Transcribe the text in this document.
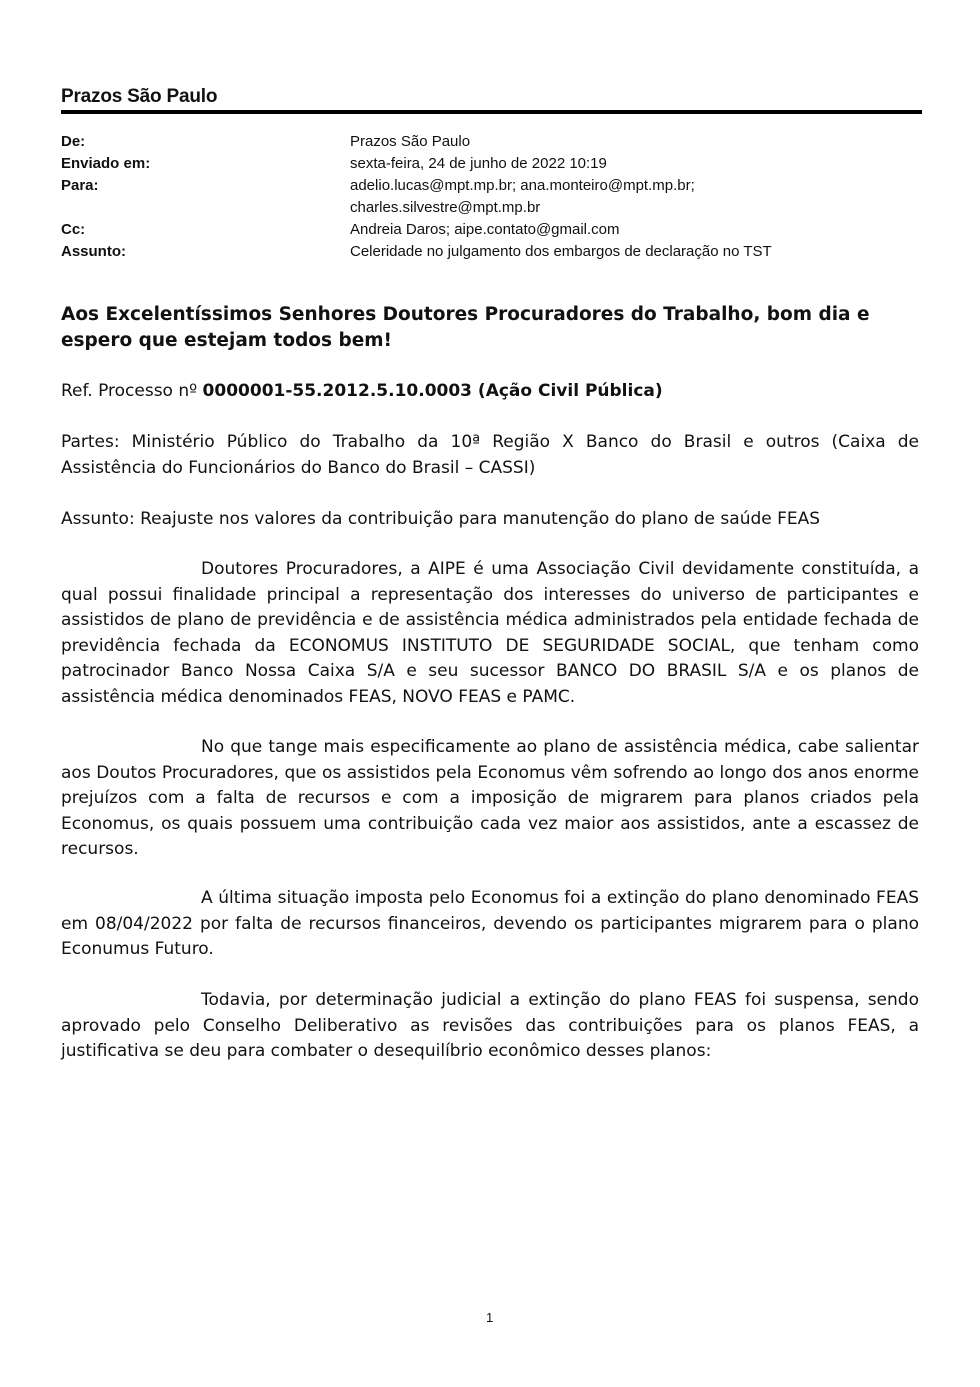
Prazos São Paulo
De:	Prazos São Paulo
Enviado em:	sexta-feira, 24 de junho de 2022 10:19
Para:	adelio.lucas@mpt.mp.br; ana.monteiro@mpt.mp.br;
charles.silvestre@mpt.mp.br
Cc:	Andreia Daros; aipe.contato@gmail.com
Assunto:	Celeridade no julgamento dos embargos de declaração no TST
Aos Excelentíssimos Senhores Doutores Procuradores do Trabalho, bom dia e espero que estejam todos bem!
Ref. Processo nº 0000001-55.2012.5.10.0003 (Ação Civil Pública)
Partes: Ministério Público do Trabalho da 10ª Região X Banco do Brasil e outros (Caixa de Assistência do Funcionários do Banco do Brasil – CASSI)
Assunto: Reajuste nos valores da contribuição para manutenção do plano de saúde FEAS
Doutores Procuradores, a AIPE é uma Associação Civil devidamente constituída, a qual possui finalidade principal a representação dos interesses do universo de participantes e assistidos de plano de previdência e de assistência médica administrados pela entidade fechada de previdência fechada da ECONOMUS INSTITUTO DE SEGURIDADE SOCIAL, que tenham como patrocinador Banco Nossa Caixa S/A e seu sucessor BANCO DO BRASIL S/A e os planos de assistência médica denominados FEAS, NOVO FEAS e PAMC.
No que tange mais especificamente ao plano de assistência médica, cabe salientar aos Doutos Procuradores, que os assistidos pela Economus vêm sofrendo ao longo dos anos enorme prejuízos com a falta de recursos e com a imposição de migrarem para planos criados pela Economus, os quais possuem uma contribuição cada vez maior aos assistidos, ante a escassez de recursos.
A última situação imposta pelo Economus foi a extinção do plano denominado FEAS em 08/04/2022 por falta de recursos financeiros, devendo os participantes migrarem para o plano Econumus Futuro.
Todavia, por determinação judicial a extinção do plano FEAS foi suspensa, sendo aprovado pelo Conselho Deliberativo as revisões das contribuições para os planos FEAS, a justificativa se deu para combater o desequilíbrio econômico desses planos:
1
